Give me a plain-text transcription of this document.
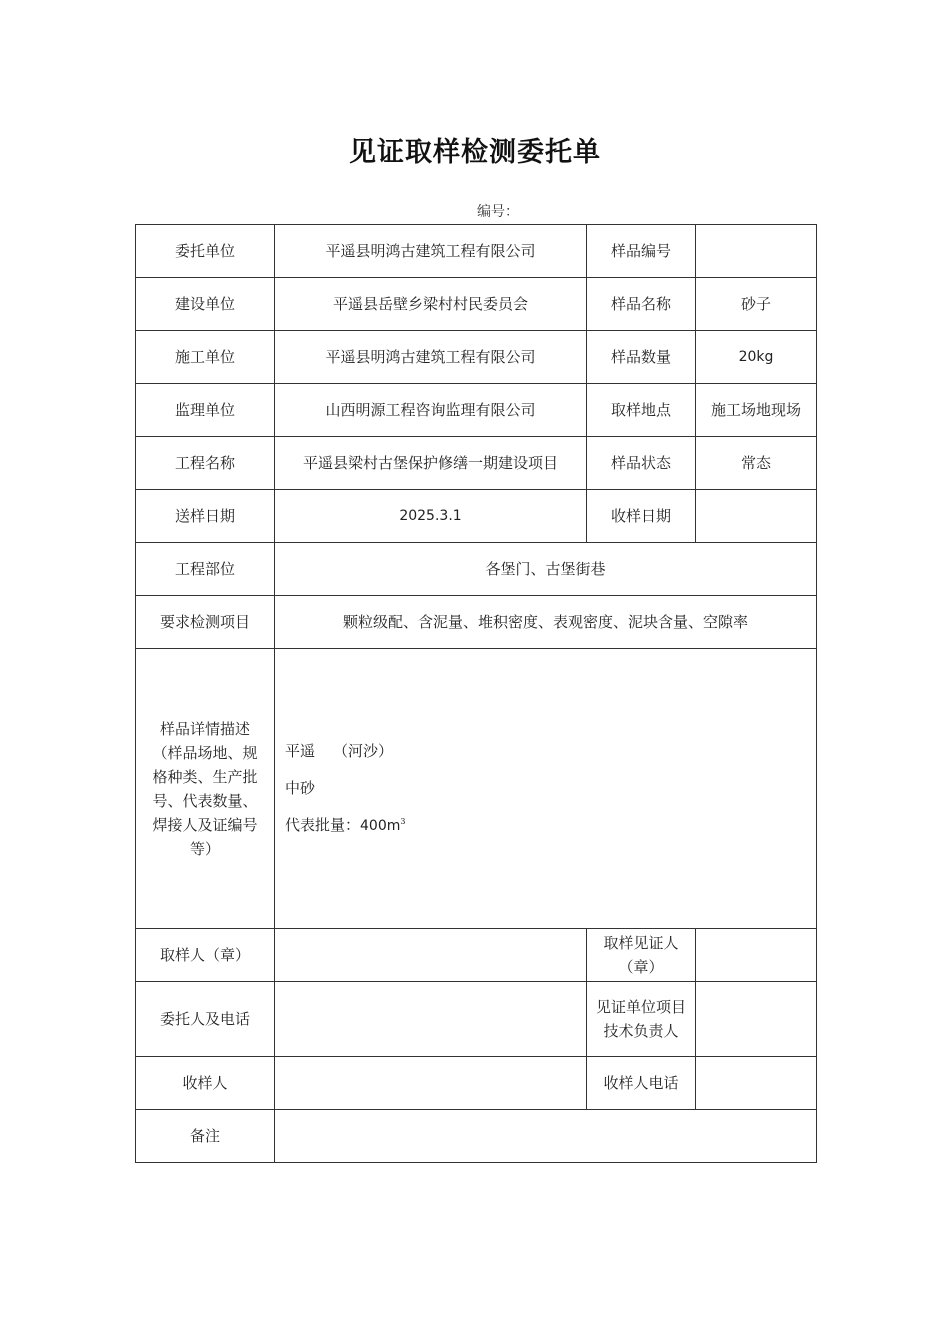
见证取样检测委托单
编号：
委托单位	平遥县明鸿古建筑工程有限公司	样品编号	
建设单位	平遥县岳壁乡梁村村民委员会	样品名称	砂子
施工单位	平遥县明鸿古建筑工程有限公司	样品数量	20kg
监理单位	山西明源工程咨询监理有限公司	取样地点	施工场地现场
工程名称	平遥县梁村古堡保护修缮一期建设项目	样品状态	常态
送样日期	2025.3.1	收样日期	
工程部位	各堡门、古堡街巷		
要求检测项目	颗粒级配、含泥量、堆积密度、表观密度、泥块含量、空隙率		
样品详情描述（样品场地、规格种类、生产批号、代表数量、焊接人及证编号等）	平遥 （河沙）
中砂
代表批量：$400m^3$

取样人（章）		取样见证人（章）	
委托人及电话		见证单位项目技术负责人	
收样人		收样人电话	
备注			
